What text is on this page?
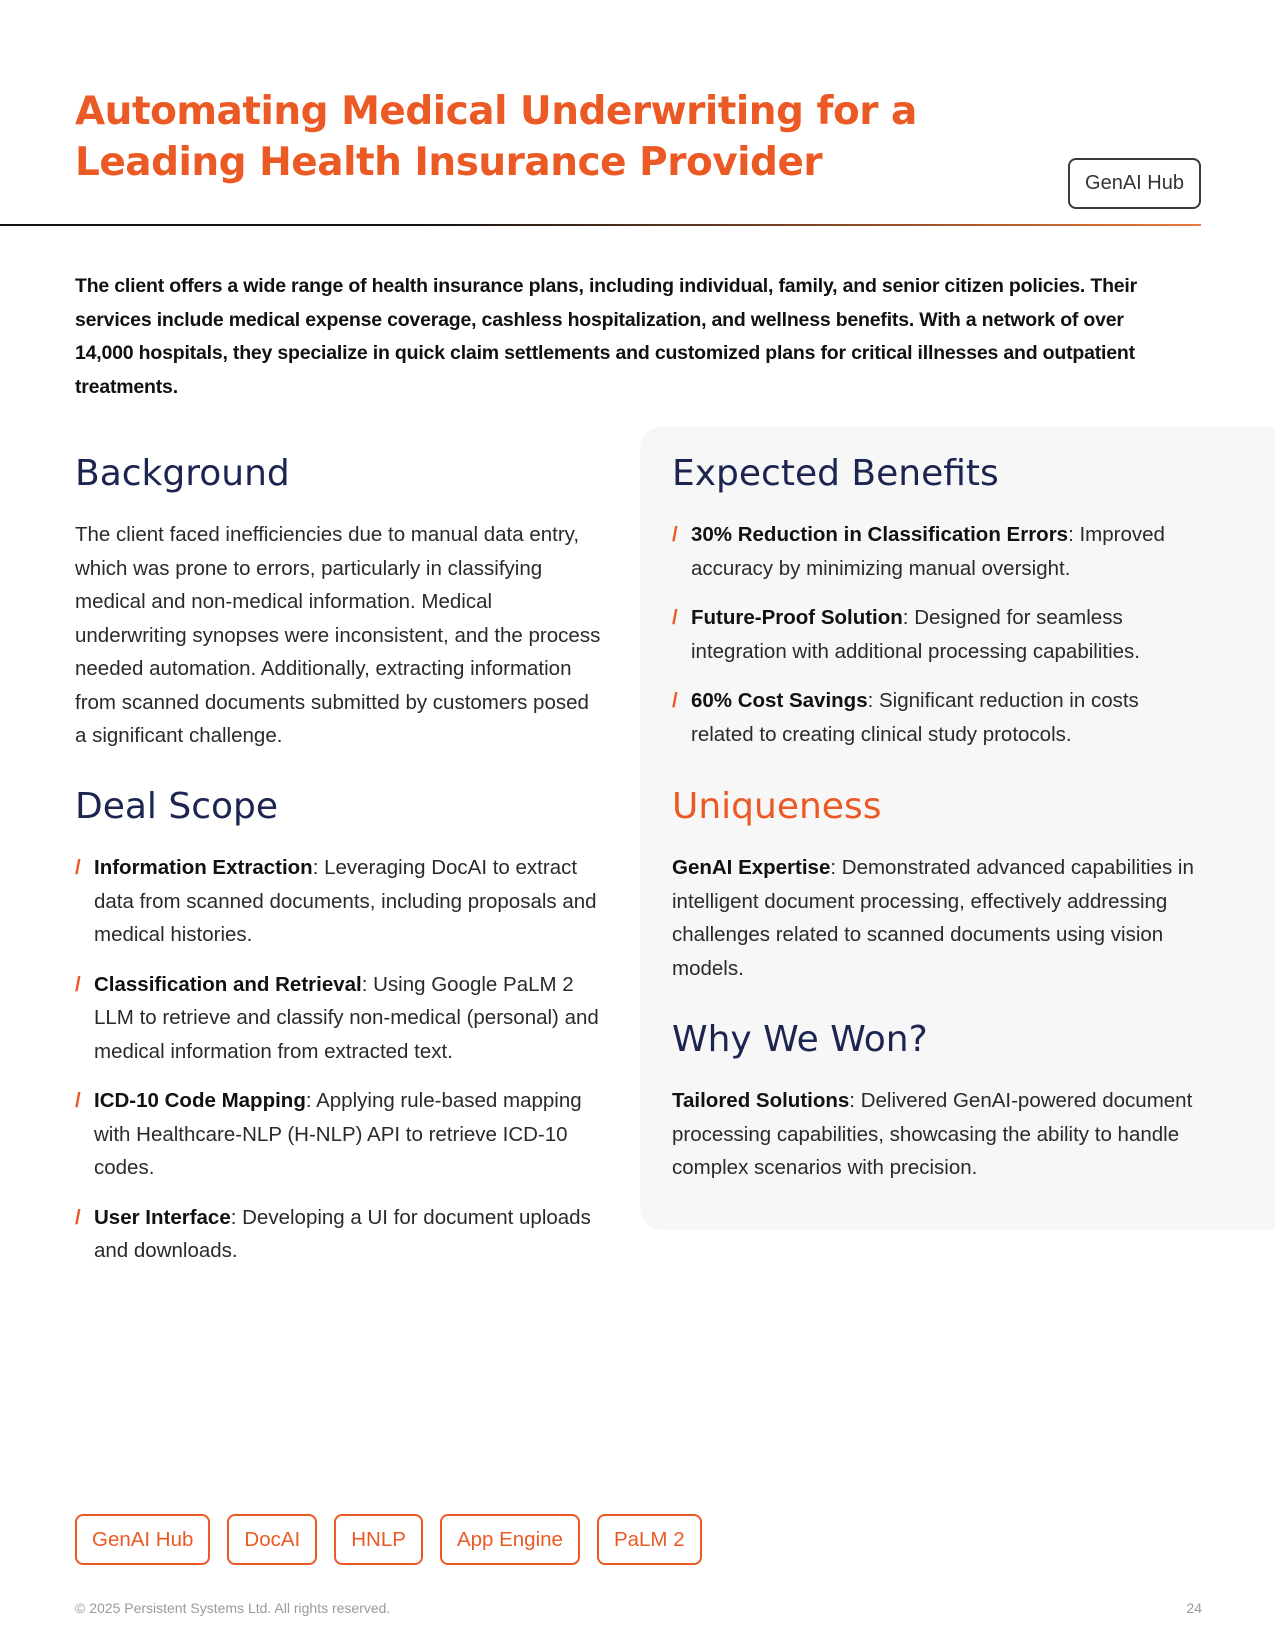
Automating Medical Underwriting for a Leading Health Insurance Provider	GenAI Hub

The client offers a wide range of health insurance plans, including individual, family, and senior citizen policies. Their services include medical expense coverage, cashless hospitalization, and wellness benefits. With a network of over 14,000 hospitals, they specialize in quick claim settlements and customized plans for critical illnesses and outpatient treatments.

Background

The client faced inefficiencies due to manual data entry, which was prone to errors, particularly in classifying medical and non-medical information. Medical underwriting synopses were inconsistent, and the process needed automation. Additionally, extracting information from scanned documents submitted by customers posed a significant challenge.

Deal Scope
/ Information Extraction: Leveraging DocAI to extract data from scanned documents, including proposals and medical histories.
/ Classification and Retrieval: Using Google PaLM 2 LLM to retrieve and classify non-medical (personal) and medical information from extracted text.
/ ICD-10 Code Mapping: Applying rule-based mapping with Healthcare-NLP (H-NLP) API to retrieve ICD-10 codes.
/ User Interface: Developing a UI for document uploads and downloads.
Expected Benefits
/ 30% Reduction in Classification Errors: Improved accuracy by minimizing manual oversight.
/ Future-Proof Solution: Designed for seamless integration with additional processing capabilities.
/ 60% Cost Savings: Significant reduction in costs related to creating clinical study protocols.
Uniqueness

GenAI Expertise: Demonstrated advanced capabilities in intelligent document processing, effectively addressing challenges related to scanned documents using vision models.

Why We Won?

Tailored Solutions: Delivered GenAI-powered document processing capabilities, showcasing the ability to handle complex scenarios with precision.

GenAI Hub	DocAI	HNLP	App Engine	PaLM 2
© 2025 Persistent Systems Ltd. All rights reserved.	24
